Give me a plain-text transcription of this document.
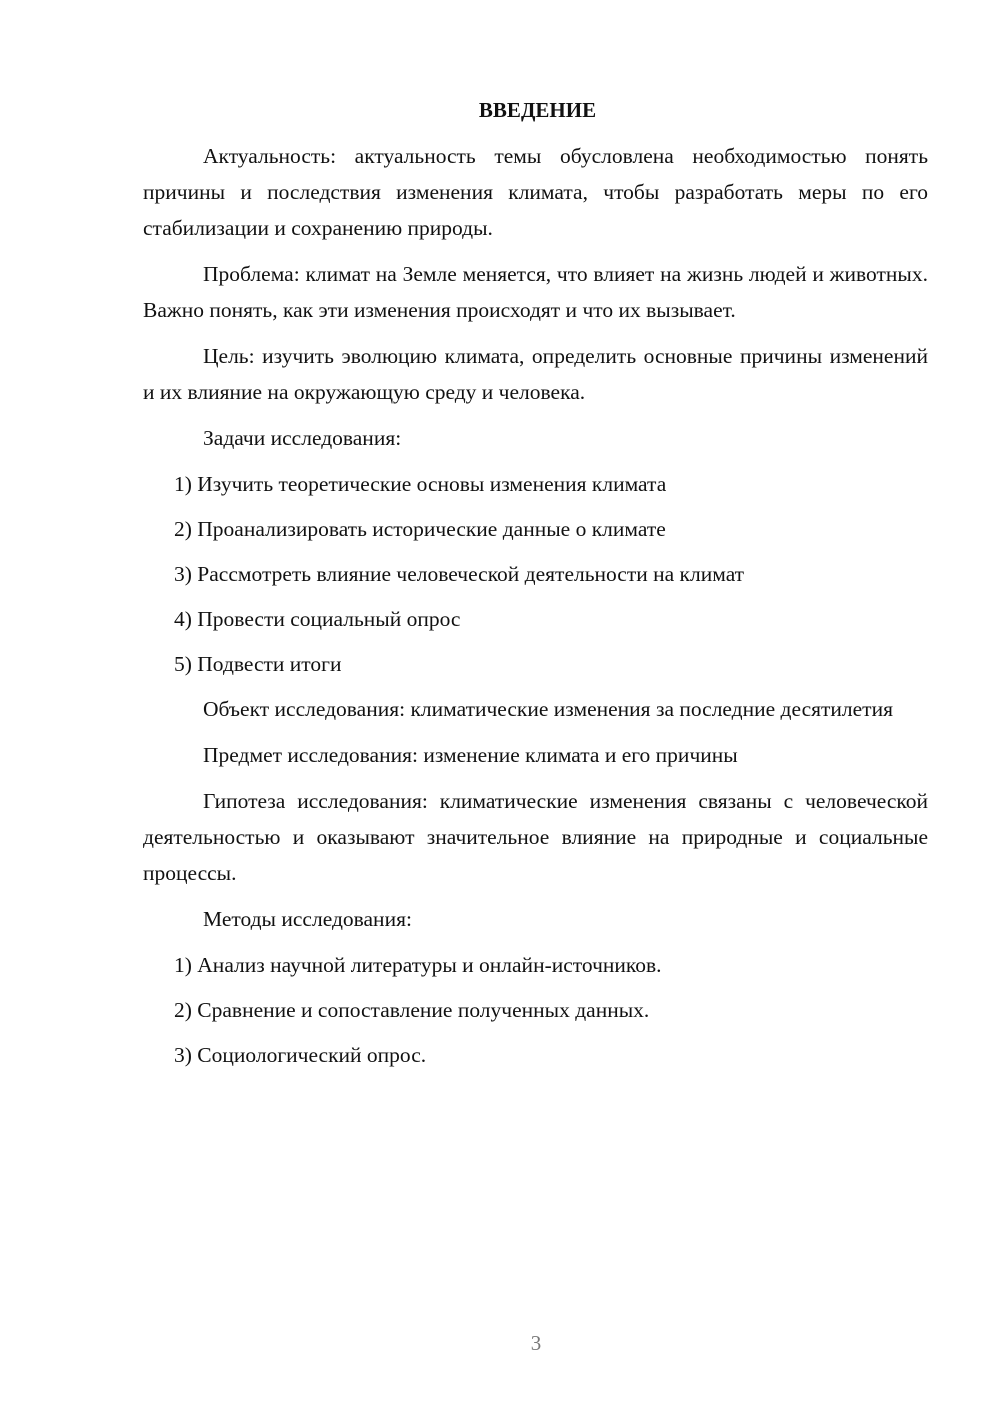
ВВЕДЕНИЕ
Актуальность: актуальность темы обусловлена необходимостью понять причины и последствия изменения климата, чтобы разработать меры по его стабилизации и сохранению природы.
Проблема: климат на Земле меняется, что влияет на жизнь людей и животных. Важно понять, как эти изменения происходят и что их вызывает.
Цель: изучить эволюцию климата, определить основные причины изменений и их влияние на окружающую среду и человека.
Задачи исследования:
1) Изучить теоретические основы изменения климата
2) Проанализировать исторические данные о климате
3) Рассмотреть влияние человеческой деятельности на климат
4) Провести социальный опрос
5) Подвести итоги
Объект исследования: климатические изменения за последние десятилетия
Предмет исследования: изменение климата и его причины
Гипотеза исследования: климатические изменения связаны с человеческой деятельностью и оказывают значительное влияние на природные и социальные процессы.
Методы исследования:
1) Анализ научной литературы и онлайн-источников.
2) Сравнение и сопоставление полученных данных.
3) Социологический опрос.
3
